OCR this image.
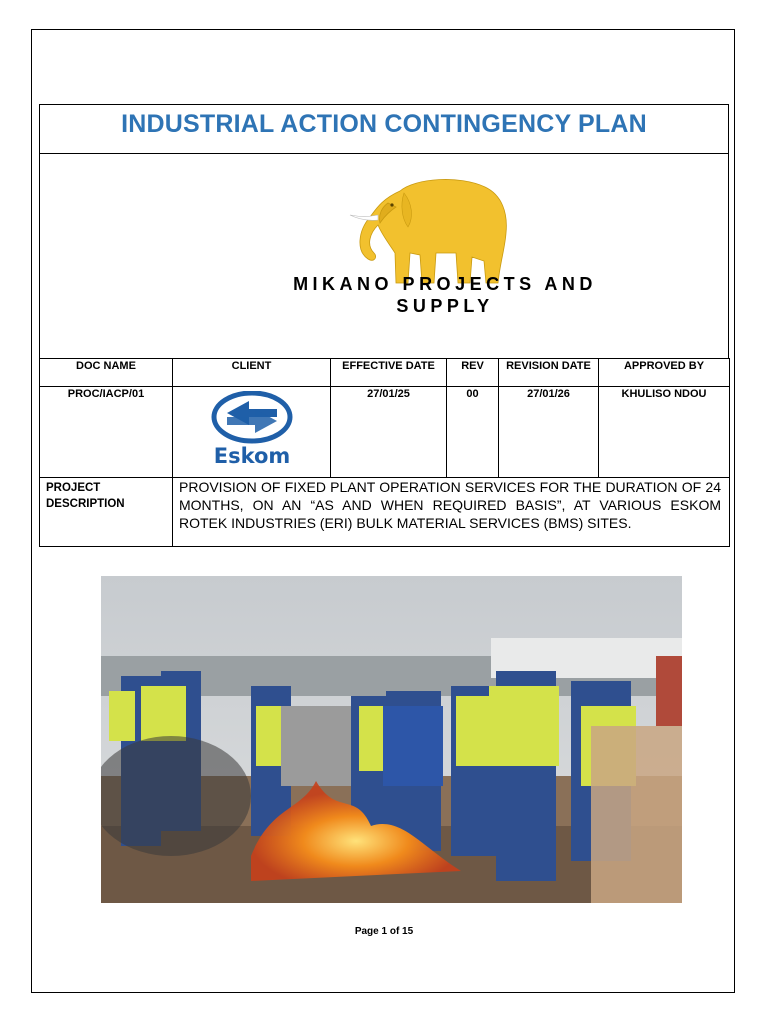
INDUSTRIAL ACTION CONTINGENCY PLAN
MIKANO PROJECTS AND
SUPPLY
DOC NAME	CLIENT	EFFECTIVE DATE	REV	REVISION DATE	APPROVED BY

PROC/IACP/01	Eskom	27/01/25	00	27/01/26	KHULISO NDOU

PROJECT DESCRIPTION	PROVISION OF FIXED PLANT OPERATION SERVICES FOR THE DURATION OF 24 MONTHS, ON AN “AS AND WHEN REQUIRED BASIS”, AT VARIOUS ESKOM ROTEK INDUSTRIES (ERI) BULK MATERIAL SERVICES (BMS) SITES.				
Page 1 of 15
